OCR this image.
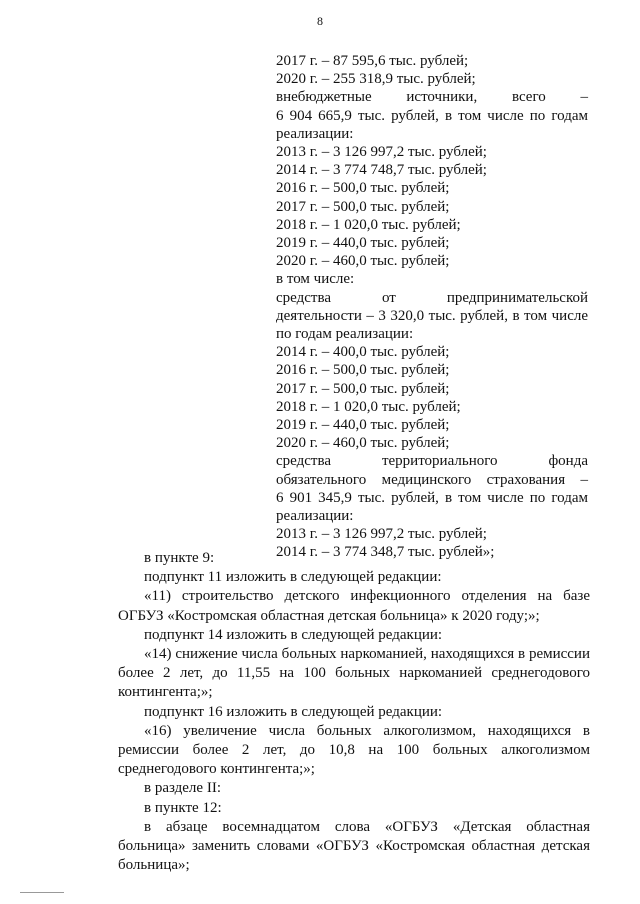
8
2017 г. – 87 595,6 тыс. рублей;
2020 г. – 255 318,9 тыс. рублей;
внебюджетные источники, всего –
6 904 665,9 тыс. рублей, в том числе по годам
реализации:
2013 г. – 3 126 997,2 тыс. рублей;
2014 г. – 3 774 748,7 тыс. рублей;
2016 г. – 500,0 тыс. рублей;
2017 г. – 500,0 тыс. рублей;
2018 г. – 1 020,0 тыс. рублей;
2019 г. – 440,0 тыс. рублей;
2020 г. – 460,0 тыс. рублей;
в том числе:
средства от предпринимательской
деятельности – 3 320,0 тыс. рублей, в том числе
по годам реализации:
2014 г. – 400,0 тыс. рублей;
2016 г. – 500,0 тыс. рублей;
2017 г. – 500,0 тыс. рублей;
2018 г. – 1 020,0 тыс. рублей;
2019 г. – 440,0 тыс. рублей;
2020 г. – 460,0 тыс. рублей;
средства территориального фонда
обязательного медицинского страхования –
6 901 345,9 тыс. рублей, в том числе по годам
реализации:
2013 г. – 3 126 997,2 тыс. рублей;
2014 г. – 3 774 348,7 тыс. рублей»;
в пункте 9:
подпункт 11 изложить в следующей редакции:
«11) строительство детского инфекционного отделения на базе ОГБУЗ «Костромская областная детская больница» к 2020 году;»;
подпункт 14 изложить в следующей редакции:
«14) снижение числа больных наркоманией, находящихся в ремиссии более 2 лет, до 11,55 на 100 больных наркоманией среднегодового контингента;»;
подпункт 16 изложить в следующей редакции:
«16) увеличение числа больных алкоголизмом, находящихся в ремиссии более 2 лет, до 10,8 на 100 больных алкоголизмом среднегодового контингента;»;
в разделе II:
в пункте 12:
в абзаце восемнадцатом слова «ОГБУЗ «Детская областная больница» заменить словами «ОГБУЗ «Костромская областная детская больница»;
